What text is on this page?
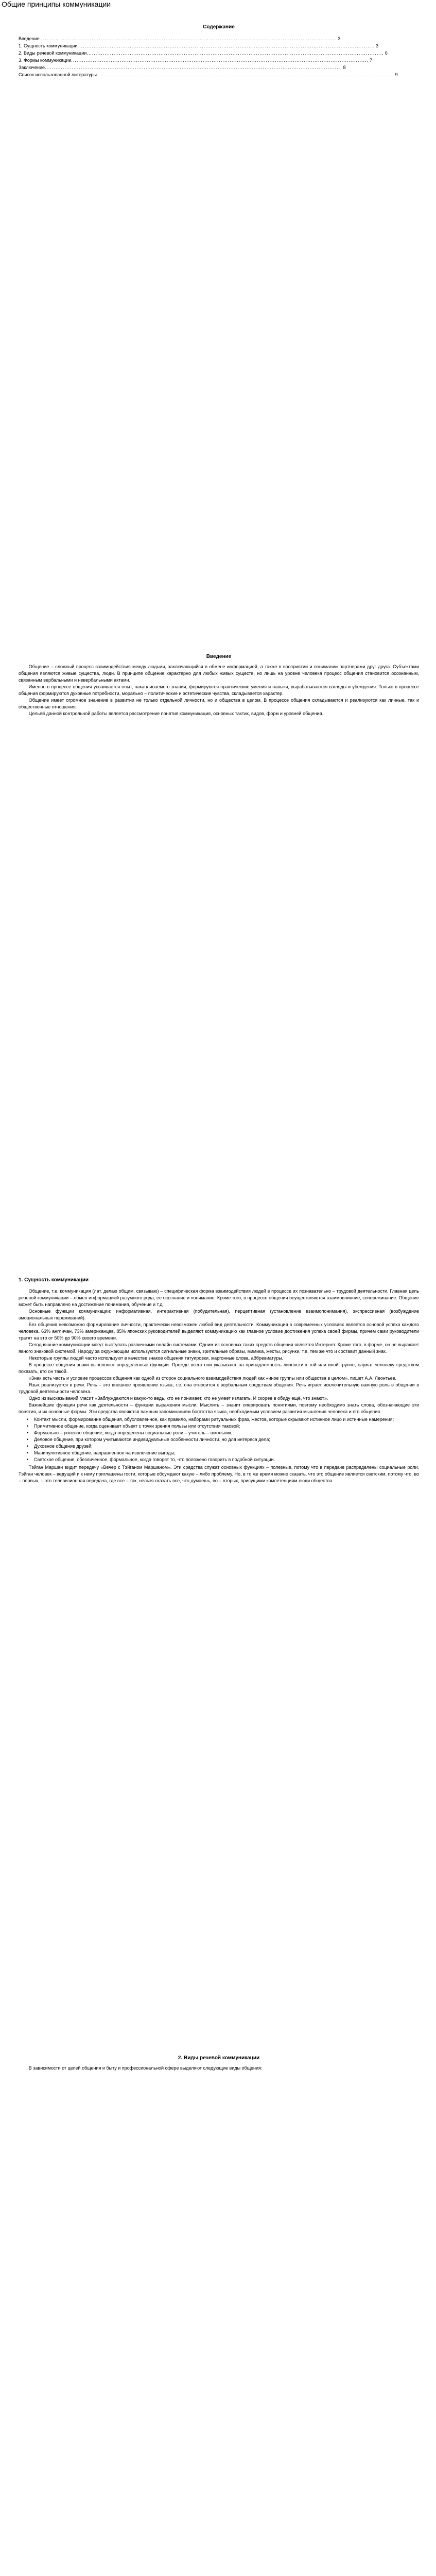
Общие принципы коммуникации
Содержание
Введение ..................................................................................................................................................................... 3
1. Сущность коммуникации ..................................................................................................................................................................... 3
2. Виды речевой коммуникации ..................................................................................................................................................................... 6
3. Формы коммуникации ..................................................................................................................................................................... 7
Заключение ..................................................................................................................................................................... 8
Список использованной литературы ..................................................................................................................................................................... 9
Введение

Общение – сложный процесс взаимодействия между людьми, заключающийся в обмене информацией, а также в восприятии и понимании партнерами друг друга. Субъектами общения являются живые существа, люди. В принципе общение характерно для любых живых существ, но лишь на уровне человека процесс общения становится осознанным, связанным вербальными и невербальными актами.

Именно в процессе общения усваивается опыт, накапливаемого знания, формируются практические умения и навыки, вырабатываются взгляды и убеждения. Только в процессе общения формируются духовные потребности, морально – политические и эстетические чувства, складывается характер.

Общение имеет огромное значение в развитии не только отдельной личности, но и общества в целом. В процессе общения складываются и реализуются как личные, так и общественные отношения.

Цельей данной контрольной работы является рассмотрение понятия коммуникация, основных тактик, видов, форм и уровней общения.

1. Сущность коммуникации

Общение, т.е. коммуникация (лат. делаю общим, связываю) – специфическая форма взаимодействия людей в процессе их познавательно – трудовой деятельности. Главная цель речевой коммуникации – обмен информацией разумного рода, ее осознание и понимание. Кроме того, в процессе общения осуществляются взаимовлияние, сопереживание. Общение может быть направлено на достижение понимания, обучение и т.д.

Основные функции коммуникации: информативная, интерактивная (побудительная), перцептивная (установление взаимопонимания), экспрессивная (возбуждение эмоциональных переживаний).

Без общения невозможно формирование личности, практически невозможен любой вид деятельности. Коммуникация в современных условиях является основой успеха каждого человека. 63% англичан, 73% американцев, 85% японских руководителей выделяют коммуникацию как главное условие достижения успеха своей фирмы, причем сами руководители тратят на это от 50% до 90% своего времени.

Сегодняшние коммуникации могут выступать различными онлайн системами. Одним из основных таких средств общения является Интернет. Кроме того, в форме, он не выражает явного знаковой системой. Народу за окружающим используются сигнальные знаки, зрительные образы, мимика, жесты, рисунки, т.е. тем же что и составит данный знак.

Некоторые группы людей часто используют в качестве знаков общения татуировки, жаргонные слова, аббревиатуры.

В процессе общения знаки выполняют определенные функции. Прежде всего они указывают на принадлежность личности к той или иной группе, служат человеку средством показать, кто он такой.

«Знак есть часть и условие процессов общения как одной из сторон социального взаимодействия людей как «иное группы или общества в целом», пишет А.А. Леонтьев.

Язык реализуется в речи. Речь – это внешнее проявление языка, т.е. она относится к вербальным средствам общения. Речь играет исключительную важную роль в общении в трудовой деятельности человека.

Одно из высказываний гласит «Заблуждаются и какую-то ведь, кто не понимает, кто не умеет излагать. И скорее в обиду ещё, что знают».

Важнейшие функции речи как деятельности – функции выражения мысли. Мыслить – значит оперировать понятиями, поэтому необходимо знать слова, обозначающие эти понятия, и их основные формы. Эти средства являются важным запоминанием богатства языка, необходимым условием развития мышления человека и его общения.

• Контакт мысли, формирование общения, обусловленное, как правило, наборами ритуальных фраз, жестов, которые скрывают истинное лицо и истинные намерения;
• Примитивное общение, когда оценивает объект с точки зрения пользы или отсутствия таковой;
• Формально – ролевое общение, когда определены социальные роли – учитель – школьник;
• Деловое общение, при котором учитываются индивидуальные особенности личности, но для интереса дела;
• Духовное общение друзей;
• Манипулятивное общение, направленное на извлечение выгоды;
• Светское общение, обезличенное, формальное, когда говорят то, что положено говорить в подобной ситуации.

Тэйган Маршан видит передачу «Вечер с Тэйганом Маршаном». Эти средства служат основных функциях – полезные, потому что в передаче распределены социальные роли. Тэйган человек – ведущий и к нему приглашены гости, которые обсуждают какую – либо проблему. Но, в то же время можно сказать, что это общение является светским, потому что, во – первых, – это телевизионная передача, где все – так, нельзя сказать все, что думаешь, во – вторых, присущими компетенциям люди общества.

2. Виды речевой коммуникации

В зависимости от целей общения и быту и профессиональной сфере выделяют следующие виды общения:
